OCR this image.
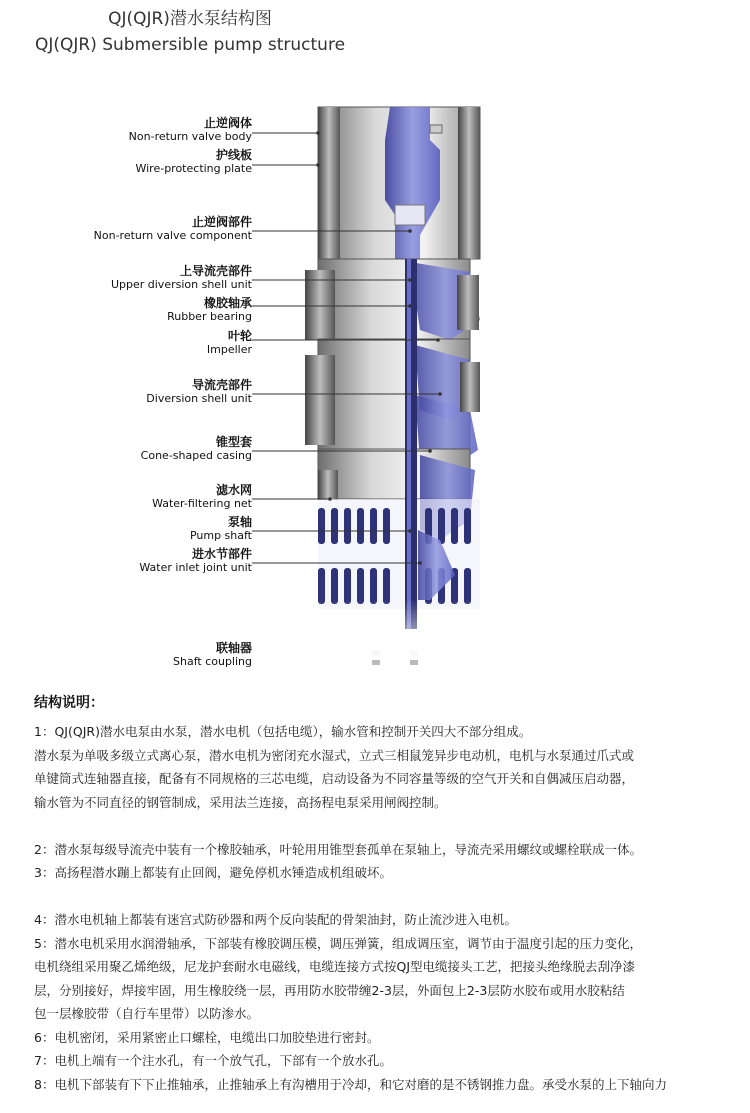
QJ(QJR)潜水泵结构图
QJ(QJR) Submersible pump structure
止逆阀体
Non-return valve body
护线板
Wire-protecting plate
止逆阀部件
Non-return valve component
上导流壳部件
Upper diversion shell unit
橡胶轴承
Rubber bearing
叶轮
Impeller
导流壳部件
Diversion shell unit
锥型套
Cone-shaped casing
滤水网
Water-filtering net
泵轴
Pump shaft
进水节部件
Water inlet joint unit
联轴器
Shaft coupling
结构说明：
1：QJ(QJR)潜水电泵由水泵，潜水电机（包括电缆），输水管和控制开关四大不部分组成。
潜水泵为单吸多级立式离心泵，潜水电机为密闭充水湿式，立式三相鼠笼异步电动机，电机与水泵通过爪式或
单键筒式连轴器直接，配备有不同规格的三芯电缆，启动设备为不同容量等级的空气开关和自偶减压启动器，
输水管为不同直径的钢管制成，采用法兰连接，高扬程电泵采用闸阀控制。
2：潜水泵每级导流壳中装有一个橡胶轴承，叶轮用用锥型套孤单在泵轴上，导流壳采用螺纹或螺栓联成一体。
3：高扬程潜水蹦上都装有止回阀，避免停机水锤造成机组破坏。
4：潜水电机轴上都装有迷宫式防砂器和两个反向装配的骨架油封，防止流沙进入电机。
5：潜水电机采用水润滑轴承，下部装有橡胶调压模，调压弹簧，组成调压室，调节由于温度引起的压力变化，
电机绕组采用聚乙烯绝级，尼龙护套耐水电磁线，电缆连接方式按QJ型电缆接头工艺，把接头绝缘脱去刮净漆
层，分别接好，焊接牢固，用生橡胶绕一层，再用防水胶带缠2-3层，外面包上2-3层防水胶布或用水胶粘结
包一层橡胶带（自行车里带）以防渗水。
6：电机密闭，采用紧密止口螺栓，电缆出口加胶垫进行密封。
7：电机上端有一个注水孔，有一个放气孔，下部有一个放水孔。
8：电机下部装有下下止推轴承，止推轴承上有沟槽用于冷却，和它对磨的是不锈钢推力盘。承受水泵的上下轴向力
